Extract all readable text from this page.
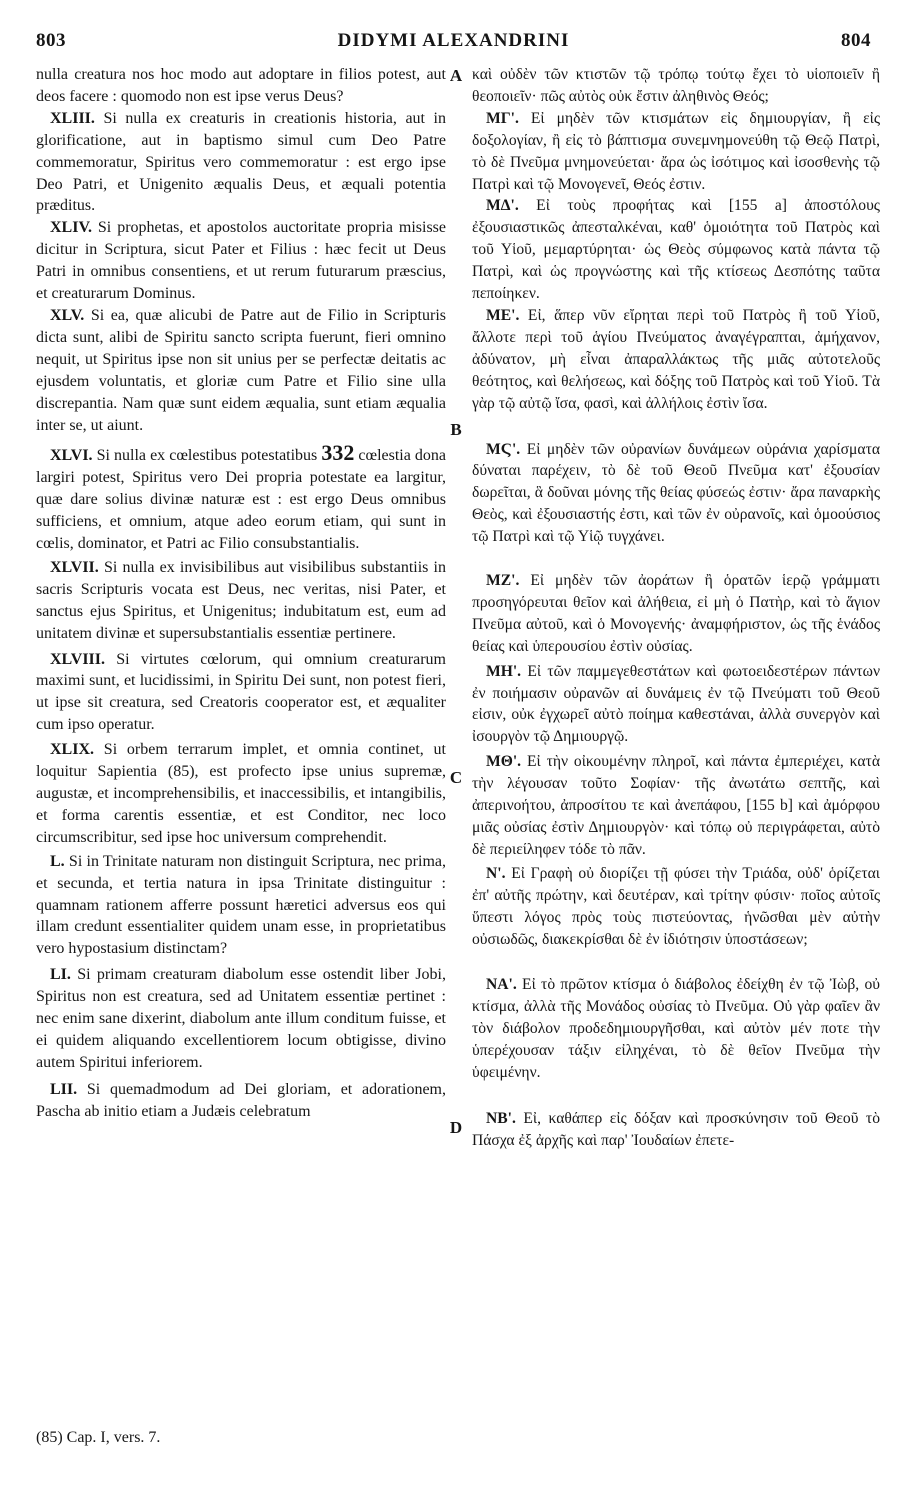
803	DIDYMI ALEXANDRINI	804

nulla creatura nos hoc modo aut adoptare in filios potest, aut deos facere : quomodo non est ipse verus Deus?

XLIII. Si nulla ex creaturis in creationis historia, aut in glorificatione, aut in baptismo simul cum Deo Patre commemoratur, Spiritus vero commemoratur : est ergo ipse Deo Patri, et Unigenito æqualis Deus, et æquali potentia præditus.

XLIV. Si prophetas, et apostolos auctoritate propria misisse dicitur in Scriptura, sicut Pater et Filius : hæc fecit ut Deus Patri in omnibus consentiens, et ut rerum futurarum præscius, et creaturarum Dominus.

XLV. Si ea, quæ alicubi de Patre aut de Filio in Scripturis dicta sunt, alibi de Spiritu sancto scripta fuerunt, fieri omnino nequit, ut Spiritus ipse non sit unius per se perfectæ deitatis ac ejusdem voluntatis, et gloriæ cum Patre et Filio sine ulla discrepantia. Nam quæ sunt eidem æqualia, sunt etiam æqualia inter se, ut aiunt.

XLVI. Si nulla ex cœlestibus potestatibus 332 cœlestia dona largiri potest, Spiritus vero Dei propria potestate ea largitur, quæ dare solius divinæ naturæ est : est ergo Deus omnibus sufficiens, et omnium, atque adeo eorum etiam, qui sunt in cœlis, dominator, et Patri ac Filio consubstantialis.

XLVII. Si nulla ex invisibilibus aut visibilibus substantiis in sacris Scripturis vocata est Deus, nec veritas, nisi Pater, et sanctus ejus Spiritus, et Unigenitus; indubitatum est, eum ad unitatem divinæ et supersubstantialis essentiæ pertinere.

XLVIII. Si virtutes cœlorum, qui omnium creaturarum maximi sunt, et lucidissimi, in Spiritu Dei sunt, non potest fieri, ut ipse sit creatura, sed Creatoris cooperator est, et æqualiter cum ipso operatur.

XLIX. Si orbem terrarum implet, et omnia continet, ut loquitur Sapientia (85), est profecto ipse unius supremæ, augustæ, et incomprehensibilis, et inaccessibilis, et intangibilis, et forma carentis essentiæ, et est Conditor, nec loco circumscribitur, sed ipse hoc universum comprehendit.

L. Si in Trinitate naturam non distinguit Scriptura, nec prima, et secunda, et tertia natura in ipsa Trinitate distinguitur : quamnam rationem afferre possunt hæretici adversus eos qui illam credunt essentialiter quidem unam esse, in proprietatibus vero hypostasium distinctam?

LI. Si primam creaturam diabolum esse ostendit liber Jobi, Spiritus non est creatura, sed ad Unitatem essentiæ pertinet : nec enim sane dixerint, diabolum ante illum conditum fuisse, et ei quidem aliquando excellentiorem locum obtigisse, divino autem Spiritui inferiorem.

LII. Si quemadmodum ad Dei gloriam, et adorationem, Pascha ab initio etiam a Judæis celebratum

καὶ οὐδὲν τῶν κτιστῶν τῷ τρόπῳ τούτῳ ἔχει τὸ υἱοποιεῖν ἢ θεοποιεῖν· πῶς αὐτὸς οὐκ ἔστιν ἀληθινὸς Θεός;

ΜΓ'. Εἰ μηδὲν τῶν κτισμάτων εἰς δημιουργίαν, ἢ εἰς δοξολογίαν, ἢ εἰς τὸ βάπτισμα συνεμνημονεύθη τῷ Θεῷ Πατρὶ, τὸ δὲ Πνεῦμα μνημονεύεται· ἄρα ὡς ἰσότιμος καὶ ἰσοσθενὴς τῷ Πατρὶ καὶ τῷ Μονογενεῖ, Θεός ἐστιν.

ΜΔ'. Εἰ τοὺς προφήτας καὶ [155 a] ἀποστόλους ἐξουσιαστικῶς ἀπεσταλκέναι, καθ' ὁμοιότητα τοῦ Πατρὸς καὶ τοῦ Υἱοῦ, μεμαρτύρηται· ὡς Θεὸς σύμφωνος κατὰ πάντα τῷ Πατρὶ, καὶ ὡς προγνώστης καὶ τῆς κτίσεως Δεσπότης ταῦτα πεποίηκεν.

ΜΕ'. Εἰ, ἅπερ νῦν εἴρηται περὶ τοῦ Πατρὸς ἢ τοῦ Υἱοῦ, ἄλλοτε περὶ τοῦ ἁγίου Πνεύματος ἀναγέγραπται, ἀμήχανον, ἀδύνατον, μὴ εἶναι ἀπαραλλάκτως τῆς μιᾶς αὐτοτελοῦς θεότητος, καὶ θελήσεως, καὶ δόξης τοῦ Πατρὸς καὶ τοῦ Υἱοῦ. Τὰ γὰρ τῷ αὐτῷ ἴσα, φασὶ, καὶ ἀλλήλοις ἐστὶν ἴσα.

ΜϚ'. Εἰ μηδὲν τῶν οὐρανίων δυνάμεων οὐράνια χαρίσματα δύναται παρέχειν, τὸ δὲ τοῦ Θεοῦ Πνεῦμα κατ' ἐξουσίαν δωρεῖται, ἃ δοῦναι μόνης τῆς θείας φύσεώς ἐστιν· ἄρα παναρκὴς Θεὸς, καὶ ἐξουσιαστής ἐστι, καὶ τῶν ἐν οὐρανοῖς, καὶ ὁμοούσιος τῷ Πατρὶ καὶ τῷ Υἱῷ τυγχάνει.

ΜΖ'. Εἰ μηδὲν τῶν ἀοράτων ἢ ὁρατῶν ἱερῷ γράμματι προσηγόρευται θεῖον καὶ ἀλήθεια, εἰ μὴ ὁ Πατὴρ, καὶ τὸ ἅγιον Πνεῦμα αὐτοῦ, καὶ ὁ Μονογενής· ἀναμφήριστον, ὡς τῆς ἑνάδος θείας καὶ ὑπερουσίου ἐστὶν οὐσίας.

ΜΗ'. Εἰ τῶν παμμεγεθεστάτων καὶ φωτοειδεστέρων πάντων ἐν ποιήμασιν οὐρανῶν αἱ δυνάμεις ἐν τῷ Πνεύματι τοῦ Θεοῦ εἰσιν, οὐκ ἐγχωρεῖ αὐτὸ ποίημα καθεστάναι, ἀλλὰ συνεργὸν καὶ ἰσουργὸν τῷ Δημιουργῷ.

ΜΘ'. Εἰ τὴν οἰκουμένην πληροῖ, καὶ πάντα ἐμπεριέχει, κατὰ τὴν λέγουσαν τοῦτο Σοφίαν· τῆς ἀνωτάτω σεπτῆς, καὶ ἀπερινοήτου, ἀπροσίτου τε καὶ ἀνεπάφου, [155 b] καὶ ἀμόρφου μιᾶς οὐσίας ἐστὶν Δημιουργὸν· καὶ τόπῳ οὐ περιγράφεται, αὐτὸ δὲ περιείληφεν τόδε τὸ πᾶν.

Ν'. Εἰ Γραφὴ οὐ διορίζει τῇ φύσει τὴν Τριάδα, οὐδ' ὁρίζεται ἐπ' αὐτῆς πρώτην, καὶ δευτέραν, καὶ τρίτην φύσιν· ποῖος αὐτοῖς ὕπεστι λόγος πρὸς τοὺς πιστεύοντας, ἡνῶσθαι μὲν αὐτὴν οὐσιωδῶς, διακεκρίσθαι δὲ ἐν ἰδιότησιν ὑποστάσεων;

ΝΑ'. Εἰ τὸ πρῶτον κτίσμα ὁ διάβολος ἐδείχθη ἐν τῷ Ἰὼβ, οὐ κτίσμα, ἀλλὰ τῆς Μονάδος οὐσίας τὸ Πνεῦμα. Οὐ γὰρ φαῖεν ἂν τὸν διάβολον προδεδημιουργῆσθαι, καὶ αὐτὸν μέν ποτε τὴν ὑπερέχουσαν τάξιν εἰληχέναι, τὸ δὲ θεῖον Πνεῦμα τὴν ὑφειμένην.

ΝΒ'. Εἰ, καθάπερ εἰς δόξαν καὶ προσκύνησιν τοῦ Θεοῦ τὸ Πάσχα ἐξ ἀρχῆς καὶ παρ' Ἰουδαίων ἐπετε-

A
B
C
D
(85) Cap. I, vers. 7.
